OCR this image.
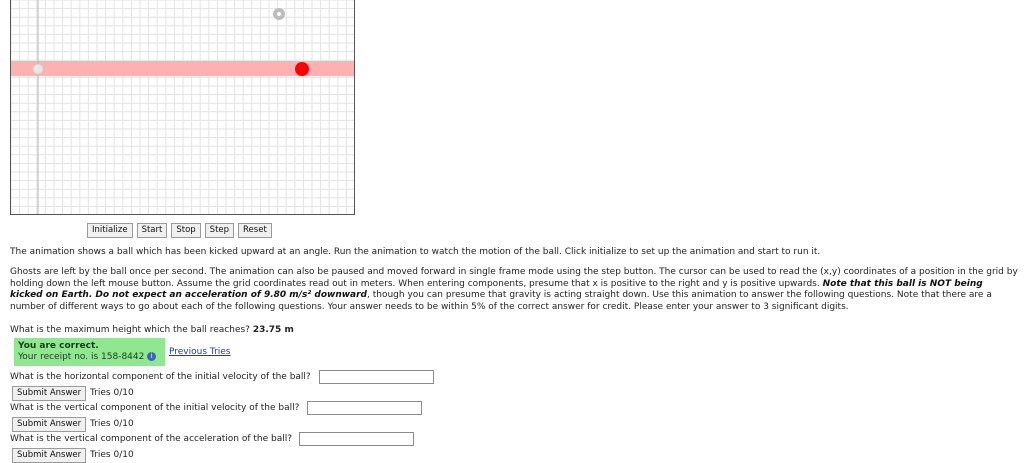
Initialize	Start	Stop	Step	Reset
The animation shows a ball which has been kicked upward at an angle. Run the animation to watch the motion of the ball. Click initialize to set up the animation and start to run it.
Ghosts are left by the ball once per second. The animation can also be paused and moved forward in single frame mode using the step button. The cursor can be used to read the (x,y) coordinates of a position in the grid by holding down the left mouse button. Assume the grid coordinates read out in meters. When entering components, presume that x is positive to the right and y is positive upwards. Note that this ball is NOT being kicked on Earth. Do not expect an acceleration of 9.80 m/s² downward, though you can presume that gravity is acting straight down. Use this animation to answer the following questions. Note that there are a number of different ways to go about each of the following questions. Your answer needs to be within 5% of the correct answer for credit. Please enter your answer to 3 significant digits.
What is the maximum height which the ball reaches? 23.75 m
You are correct.
Your receipt no. is 158-8442 i	Previous Tries
What is the horizontal component of the initial velocity of the ball?
Submit Answer Tries 0/10
What is the vertical component of the initial velocity of the ball?
Submit Answer Tries 0/10
What is the vertical component of the acceleration of the ball?
Submit Answer Tries 0/10
